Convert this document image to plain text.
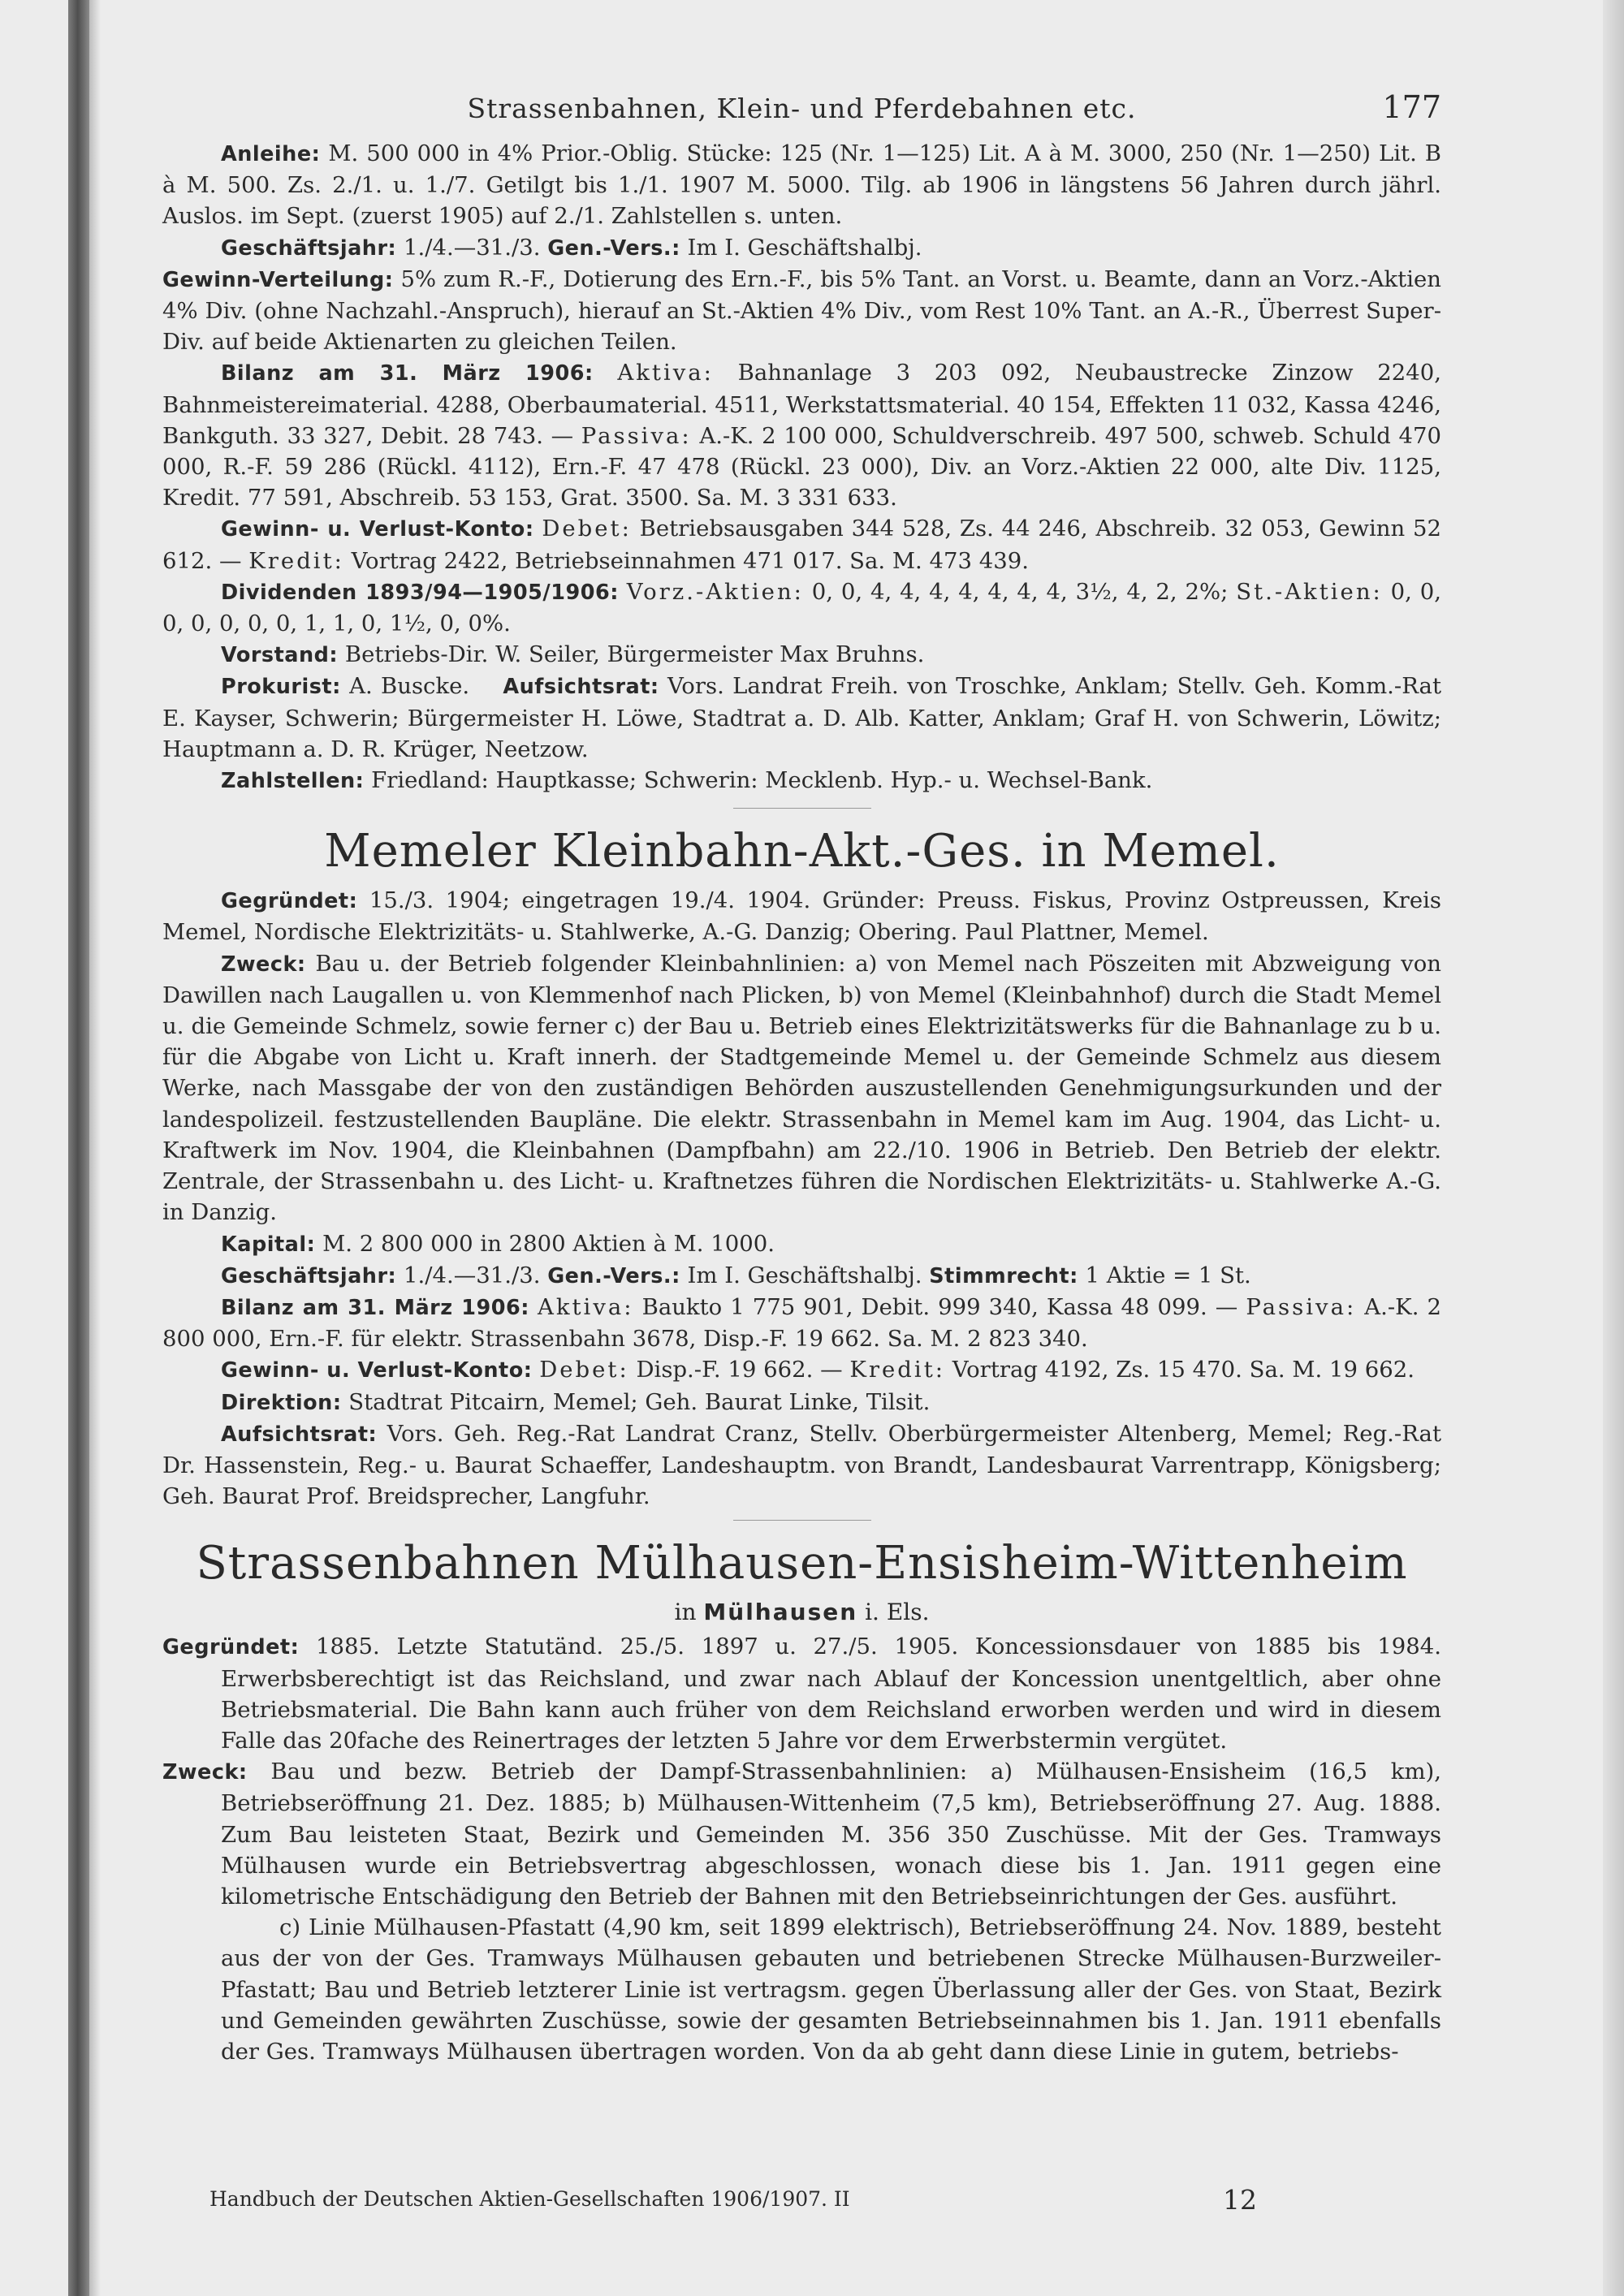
Strassenbahnen, Klein- und Pferdebahnen etc.	177

Anleihe: M. 500 000 in 4% Prior.-Oblig. Stücke: 125 (Nr. 1—125) Lit. A à M. 3000, 250 (Nr. 1—250) Lit. B à M. 500. Zs. 2./1. u. 1./7. Getilgt bis 1./1. 1907 M. 5000. Tilg. ab 1906 in längstens 56 Jahren durch jährl. Auslos. im Sept. (zuerst 1905) auf 2./1. Zahlstellen s. unten.

Geschäftsjahr: 1./4.—31./3. Gen.-Vers.: Im I. Geschäftshalbj.

Gewinn-Verteilung: 5% zum R.-F., Dotierung des Ern.-F., bis 5% Tant. an Vorst. u. Beamte, dann an Vorz.-Aktien 4% Div. (ohne Nachzahl.-Anspruch), hierauf an St.-Aktien 4% Div., vom Rest 10% Tant. an A.-R., Überrest Super-Div. auf beide Aktienarten zu gleichen Teilen.

Bilanz am 31. März 1906: Aktiva: Bahnanlage 3 203 092, Neubaustrecke Zinzow 2240, Bahnmeistereimaterial. 4288, Oberbaumaterial. 4511, Werkstattsmaterial. 40 154, Effekten 11 032, Kassa 4246, Bankguth. 33 327, Debit. 28 743. — Passiva: A.-K. 2 100 000, Schuldverschreib. 497 500, schweb. Schuld 470 000, R.-F. 59 286 (Rückl. 4112), Ern.-F. 47 478 (Rückl. 23 000), Div. an Vorz.-Aktien 22 000, alte Div. 1125, Kredit. 77 591, Abschreib. 53 153, Grat. 3500. Sa. M. 3 331 633.

Gewinn- u. Verlust-Konto: Debet: Betriebsausgaben 344 528, Zs. 44 246, Abschreib. 32 053, Gewinn 52 612. — Kredit: Vortrag 2422, Betriebseinnahmen 471 017. Sa. M. 473 439.

Dividenden 1893/94—1905/1906: Vorz.-Aktien: 0, 0, 4, 4, 4, 4, 4, 4, 4, 3½, 4, 2, 2%; St.-Aktien: 0, 0, 0, 0, 0, 0, 0, 1, 1, 0, 1½, 0, 0%.

Vorstand: Betriebs-Dir. W. Seiler, Bürgermeister Max Bruhns.

Prokurist: A. Buscke. Aufsichtsrat: Vors. Landrat Freih. von Troschke, Anklam; Stellv. Geh. Komm.-Rat E. Kayser, Schwerin; Bürgermeister H. Löwe, Stadtrat a. D. Alb. Katter, Anklam; Graf H. von Schwerin, Löwitz; Hauptmann a. D. R. Krüger, Neetzow.

Zahlstellen: Friedland: Hauptkasse; Schwerin: Mecklenb. Hyp.- u. Wechsel-Bank.

Memeler Kleinbahn-Akt.-Ges. in Memel.

Gegründet: 15./3. 1904; eingetragen 19./4. 1904. Gründer: Preuss. Fiskus, Provinz Ostpreussen, Kreis Memel, Nordische Elektrizitäts- u. Stahlwerke, A.-G. Danzig; Obering. Paul Plattner, Memel.

Zweck: Bau u. der Betrieb folgender Kleinbahnlinien: a) von Memel nach Pöszeiten mit Abzweigung von Dawillen nach Laugallen u. von Klemmenhof nach Plicken, b) von Memel (Kleinbahnhof) durch die Stadt Memel u. die Gemeinde Schmelz, sowie ferner c) der Bau u. Betrieb eines Elektrizitätswerks für die Bahnanlage zu b u. für die Abgabe von Licht u. Kraft innerh. der Stadtgemeinde Memel u. der Gemeinde Schmelz aus diesem Werke, nach Massgabe der von den zuständigen Behörden auszustellenden Genehmigungsurkunden und der landespolizeil. festzustellenden Baupläne. Die elektr. Strassenbahn in Memel kam im Aug. 1904, das Licht- u. Kraftwerk im Nov. 1904, die Kleinbahnen (Dampfbahn) am 22./10. 1906 in Betrieb. Den Betrieb der elektr. Zentrale, der Strassenbahn u. des Licht- u. Kraftnetzes führen die Nordischen Elektrizitäts- u. Stahlwerke A.-G. in Danzig.

Kapital: M. 2 800 000 in 2800 Aktien à M. 1000.

Geschäftsjahr: 1./4.—31./3. Gen.-Vers.: Im I. Geschäftshalbj. Stimmrecht: 1 Aktie = 1 St.

Bilanz am 31. März 1906: Aktiva: Baukto 1 775 901, Debit. 999 340, Kassa 48 099. — Passiva: A.-K. 2 800 000, Ern.-F. für elektr. Strassenbahn 3678, Disp.-F. 19 662. Sa. M. 2 823 340.

Gewinn- u. Verlust-Konto: Debet: Disp.-F. 19 662. — Kredit: Vortrag 4192, Zs. 15 470. Sa. M. 19 662.

Direktion: Stadtrat Pitcairn, Memel; Geh. Baurat Linke, Tilsit.

Aufsichtsrat: Vors. Geh. Reg.-Rat Landrat Cranz, Stellv. Oberbürgermeister Altenberg, Memel; Reg.-Rat Dr. Hassenstein, Reg.- u. Baurat Schaeffer, Landeshauptm. von Brandt, Landesbaurat Varrentrapp, Königsberg; Geh. Baurat Prof. Breidsprecher, Langfuhr.

Strassenbahnen Mülhausen-Ensisheim-Wittenheim
in Mülhausen i. Els.

Gegründet: 1885. Letzte Statutänd. 25./5. 1897 u. 27./5. 1905. Koncessionsdauer von 1885 bis 1984. Erwerbsberechtigt ist das Reichsland, und zwar nach Ablauf der Koncession unentgeltlich, aber ohne Betriebsmaterial. Die Bahn kann auch früher von dem Reichsland erworben werden und wird in diesem Falle das 20fache des Reinertrages der letzten 5 Jahre vor dem Erwerbstermin vergütet.

Zweck: Bau und bezw. Betrieb der Dampf-Strassenbahnlinien: a) Mülhausen-Ensisheim (16,5 km), Betriebseröffnung 21. Dez. 1885; b) Mülhausen-Wittenheim (7,5 km), Betriebseröffnung 27. Aug. 1888. Zum Bau leisteten Staat, Bezirk und Gemeinden M. 356 350 Zuschüsse. Mit der Ges. Tramways Mülhausen wurde ein Betriebsvertrag abgeschlossen, wonach diese bis 1. Jan. 1911 gegen eine kilometrische Entschädigung den Betrieb der Bahnen mit den Betriebseinrichtungen der Ges. ausführt.

c) Linie Mülhausen-Pfastatt (4,90 km, seit 1899 elektrisch), Betriebseröffnung 24. Nov. 1889, besteht aus der von der Ges. Tramways Mülhausen gebauten und betriebenen Strecke Mülhausen-Burzweiler-Pfastatt; Bau und Betrieb letzterer Linie ist vertragsm. gegen Überlassung aller der Ges. von Staat, Bezirk und Gemeinden gewährten Zuschüsse, sowie der gesamten Betriebseinnahmen bis 1. Jan. 1911 ebenfalls der Ges. Tramways Mülhausen übertragen worden. Von da ab geht dann diese Linie in gutem, betriebs-

Handbuch der Deutschen Aktien-Gesellschaften 1906/1907. II	12
